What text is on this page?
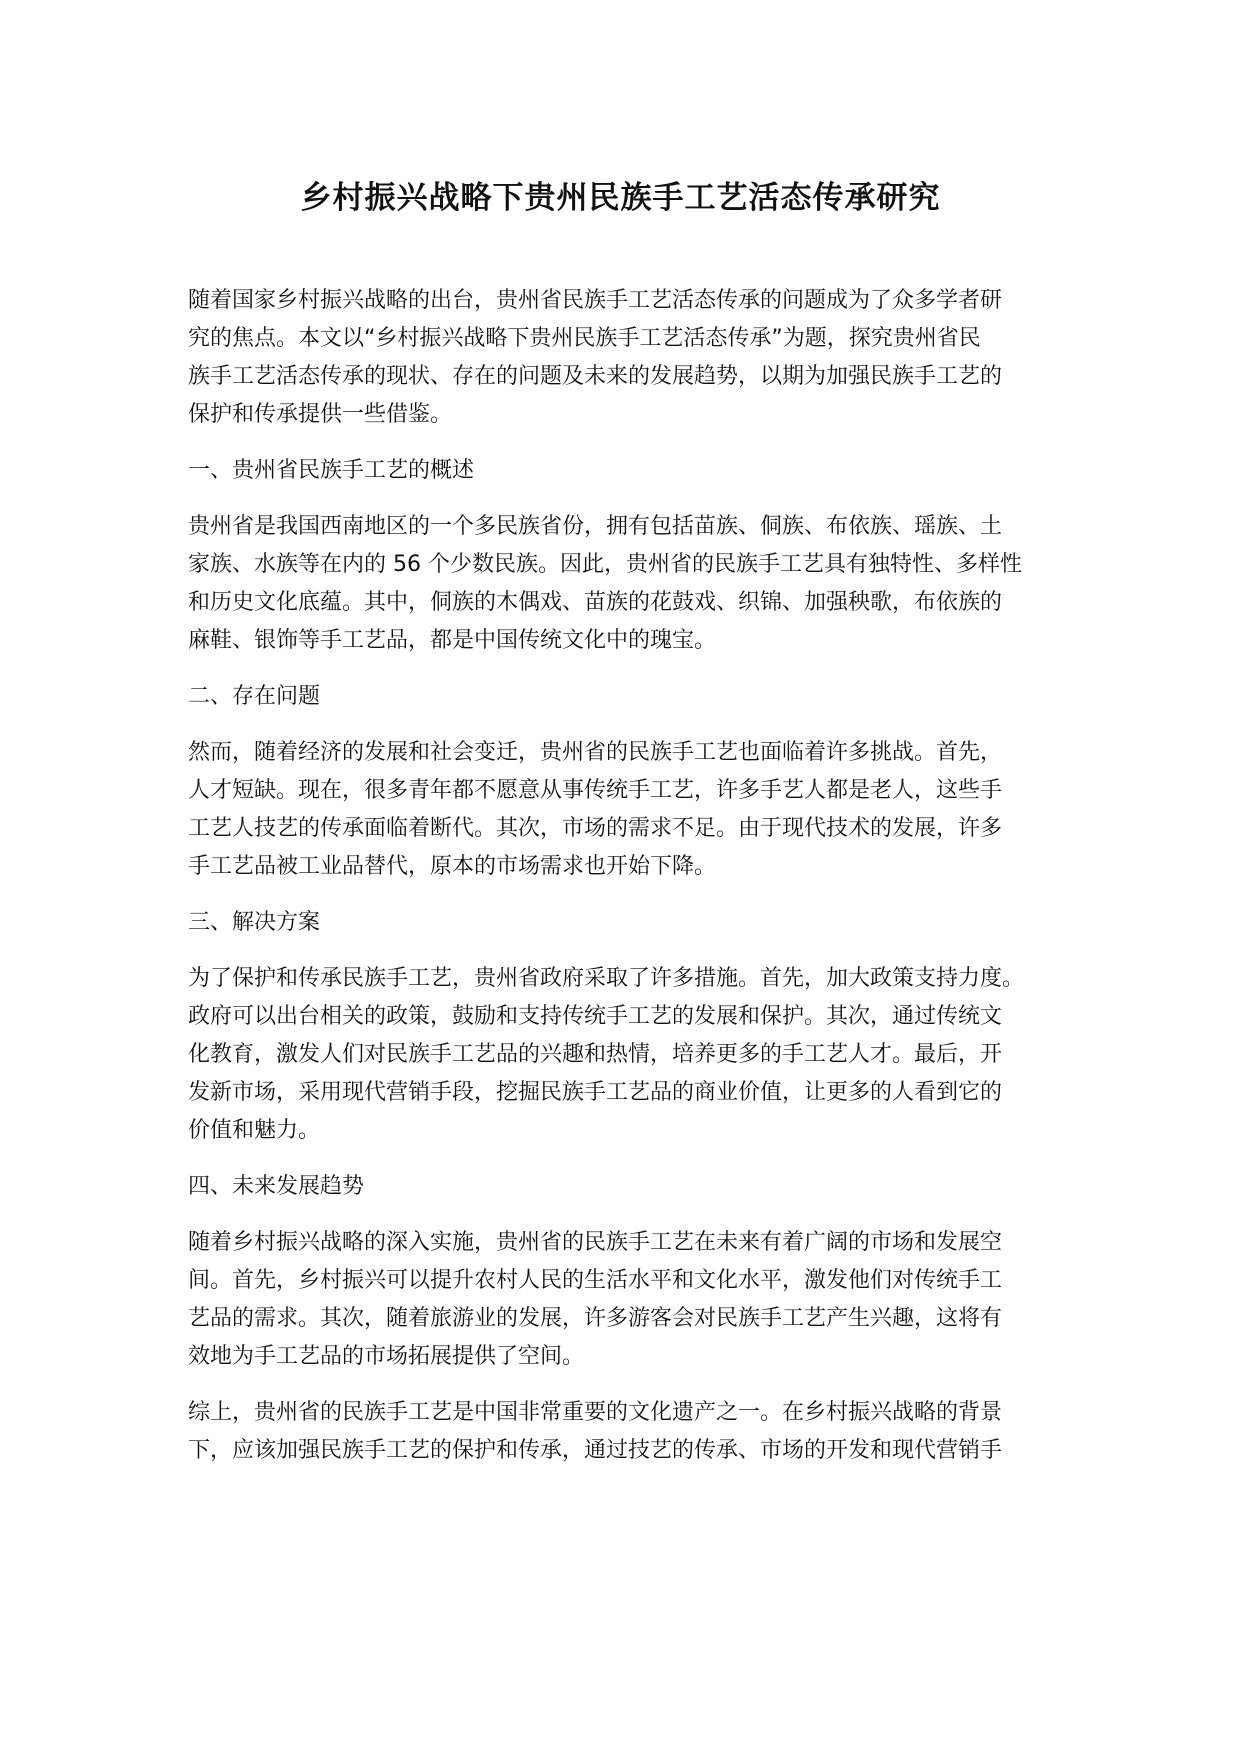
乡村振兴战略下贵州民族手工艺活态传承研究

随着国家乡村振兴战略的出台，贵州省民族手工艺活态传承的问题成为了众多学者研
究的焦点。本文以“乡村振兴战略下贵州民族手工艺活态传承”为题，探究贵州省民
族手工艺活态传承的现状、存在的问题及未来的发展趋势，以期为加强民族手工艺的
保护和传承提供一些借鉴。

一、贵州省民族手工艺的概述

贵州省是我国西南地区的一个多民族省份，拥有包括苗族、侗族、布依族、瑶族、土
家族、水族等在内的 56 个少数民族。因此，贵州省的民族手工艺具有独特性、多样性
和历史文化底蕴。其中，侗族的木偶戏、苗族的花鼓戏、织锦、加强秧歌，布依族的
麻鞋、银饰等手工艺品，都是中国传统文化中的瑰宝。

二、存在问题

然而，随着经济的发展和社会变迁，贵州省的民族手工艺也面临着许多挑战。首先，
人才短缺。现在，很多青年都不愿意从事传统手工艺，许多手艺人都是老人，这些手
工艺人技艺的传承面临着断代。其次，市场的需求不足。由于现代技术的发展，许多
手工艺品被工业品替代，原本的市场需求也开始下降。

三、解决方案

为了保护和传承民族手工艺，贵州省政府采取了许多措施。首先，加大政策支持力度。
政府可以出台相关的政策，鼓励和支持传统手工艺的发展和保护。其次，通过传统文
化教育，激发人们对民族手工艺品的兴趣和热情，培养更多的手工艺人才。最后，开
发新市场，采用现代营销手段，挖掘民族手工艺品的商业价值，让更多的人看到它的
价值和魅力。

四、未来发展趋势

随着乡村振兴战略的深入实施，贵州省的民族手工艺在未来有着广阔的市场和发展空
间。首先，乡村振兴可以提升农村人民的生活水平和文化水平，激发他们对传统手工
艺品的需求。其次，随着旅游业的发展，许多游客会对民族手工艺产生兴趣，这将有
效地为手工艺品的市场拓展提供了空间。

综上，贵州省的民族手工艺是中国非常重要的文化遗产之一。在乡村振兴战略的背景
下，应该加强民族手工艺的保护和传承，通过技艺的传承、市场的开发和现代营销手
